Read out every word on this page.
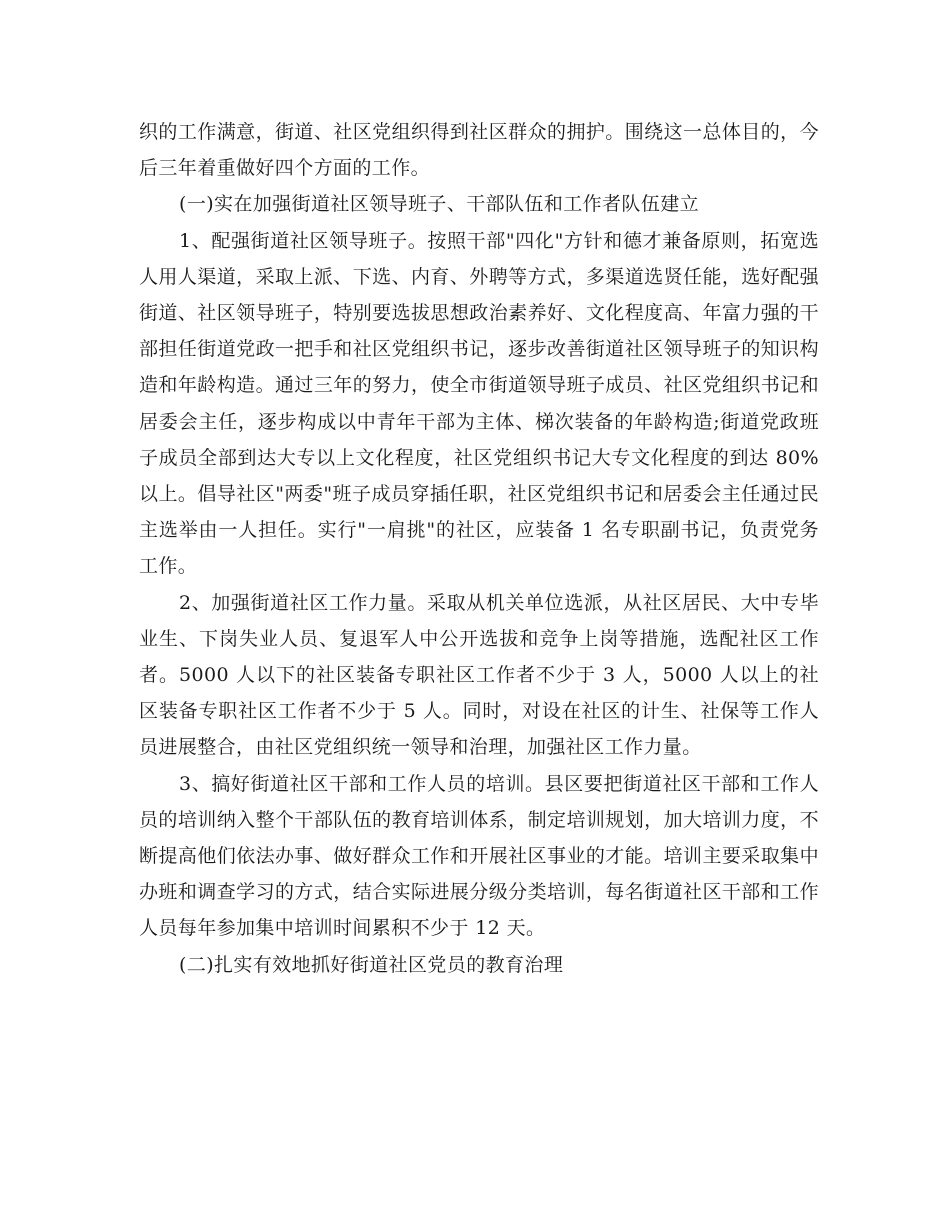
织的工作满意，街道、社区党组织得到社区群众的拥护。围绕这一总体目的，今后三年着重做好四个方面的工作。

(一)实在加强街道社区领导班子、干部队伍和工作者队伍建立

1、配强街道社区领导班子。按照干部"四化"方针和德才兼备原则，拓宽选人用人渠道，采取上派、下选、内育、外聘等方式，多渠道选贤任能，选好配强街道、社区领导班子，特别要选拔思想政治素养好、文化程度高、年富力强的干部担任街道党政一把手和社区党组织书记，逐步改善街道社区领导班子的知识构造和年龄构造。通过三年的努力，使全市街道领导班子成员、社区党组织书记和居委会主任，逐步构成以中青年干部为主体、梯次装备的年龄构造;街道党政班子成员全部到达大专以上文化程度，社区党组织书记大专文化程度的到达 80%以上。倡导社区"两委"班子成员穿插任职，社区党组织书记和居委会主任通过民主选举由一人担任。实行"一肩挑"的社区，应装备 1 名专职副书记，负责党务工作。

2、加强街道社区工作力量。采取从机关单位选派，从社区居民、大中专毕业生、下岗失业人员、复退军人中公开选拔和竞争上岗等措施，选配社区工作者。5000 人以下的社区装备专职社区工作者不少于 3 人，5000 人以上的社区装备专职社区工作者不少于 5 人。同时，对设在社区的计生、社保等工作人员进展整合，由社区党组织统一领导和治理，加强社区工作力量。

3、搞好街道社区干部和工作人员的培训。县区要把街道社区干部和工作人员的培训纳入整个干部队伍的教育培训体系，制定培训规划，加大培训力度，不断提高他们依法办事、做好群众工作和开展社区事业的才能。培训主要采取集中办班和调查学习的方式，结合实际进展分级分类培训，每名街道社区干部和工作人员每年参加集中培训时间累积不少于 12 天。

(二)扎实有效地抓好街道社区党员的教育治理
